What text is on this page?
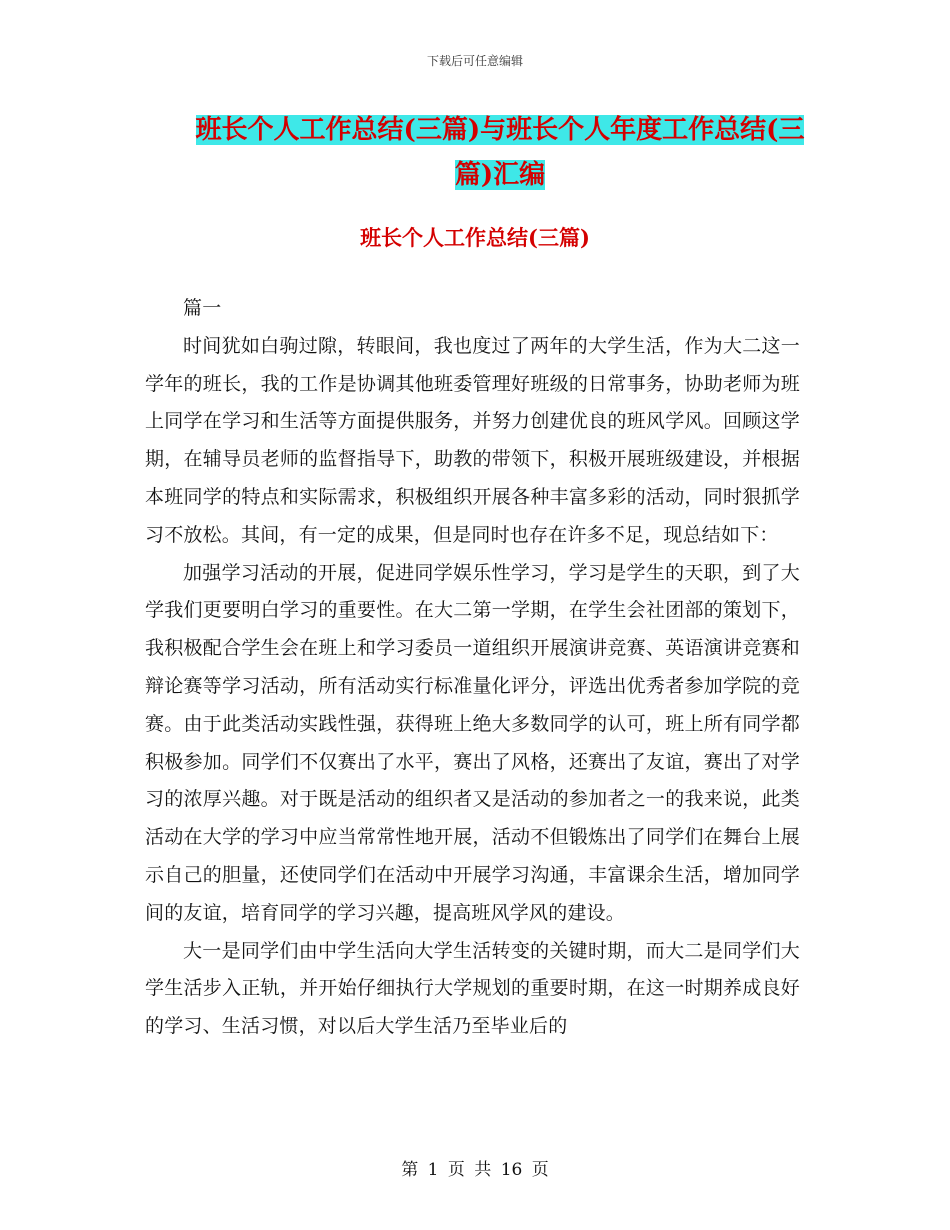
下载后可任意编辑
班长个人工作总结(三篇)与班长个人年度工作总结(三篇)汇编
班长个人工作总结(三篇)

篇一

时间犹如白驹过隙，转眼间，我也度过了两年的大学生活，作为大二这一学年的班长，我的工作是协调其他班委管理好班级的日常事务，协助老师为班上同学在学习和生活等方面提供服务，并努力创建优良的班风学风。回顾这学期，在辅导员老师的监督指导下，助教的带领下，积极开展班级建设，并根据本班同学的特点和实际需求，积极组织开展各种丰富多彩的活动，同时狠抓学习不放松。其间，有一定的成果，但是同时也存在许多不足，现总结如下：

加强学习活动的开展，促进同学娱乐性学习，学习是学生的天职，到了大学我们更要明白学习的重要性。在大二第一学期，在学生会社团部的策划下，我积极配合学生会在班上和学习委员一道组织开展演讲竞赛、英语演讲竞赛和辩论赛等学习活动，所有活动实行标准量化评分，评选出优秀者参加学院的竞赛。由于此类活动实践性强，获得班上绝大多数同学的认可，班上所有同学都积极参加。同学们不仅赛出了水平，赛出了风格，还赛出了友谊，赛出了对学习的浓厚兴趣。对于既是活动的组织者又是活动的参加者之一的我来说，此类活动在大学的学习中应当常常性地开展，活动不但锻炼出了同学们在舞台上展示自己的胆量，还使同学们在活动中开展学习沟通，丰富课余生活，增加同学间的友谊，培育同学的学习兴趣，提高班风学风的建设。

大一是同学们由中学生活向大学生活转变的关键时期，而大二是同学们大学生活步入正轨，并开始仔细执行大学规划的重要时期，在这一时期养成良好的学习、生活习惯，对以后大学生活乃至毕业后的

第 1 页 共 16 页
